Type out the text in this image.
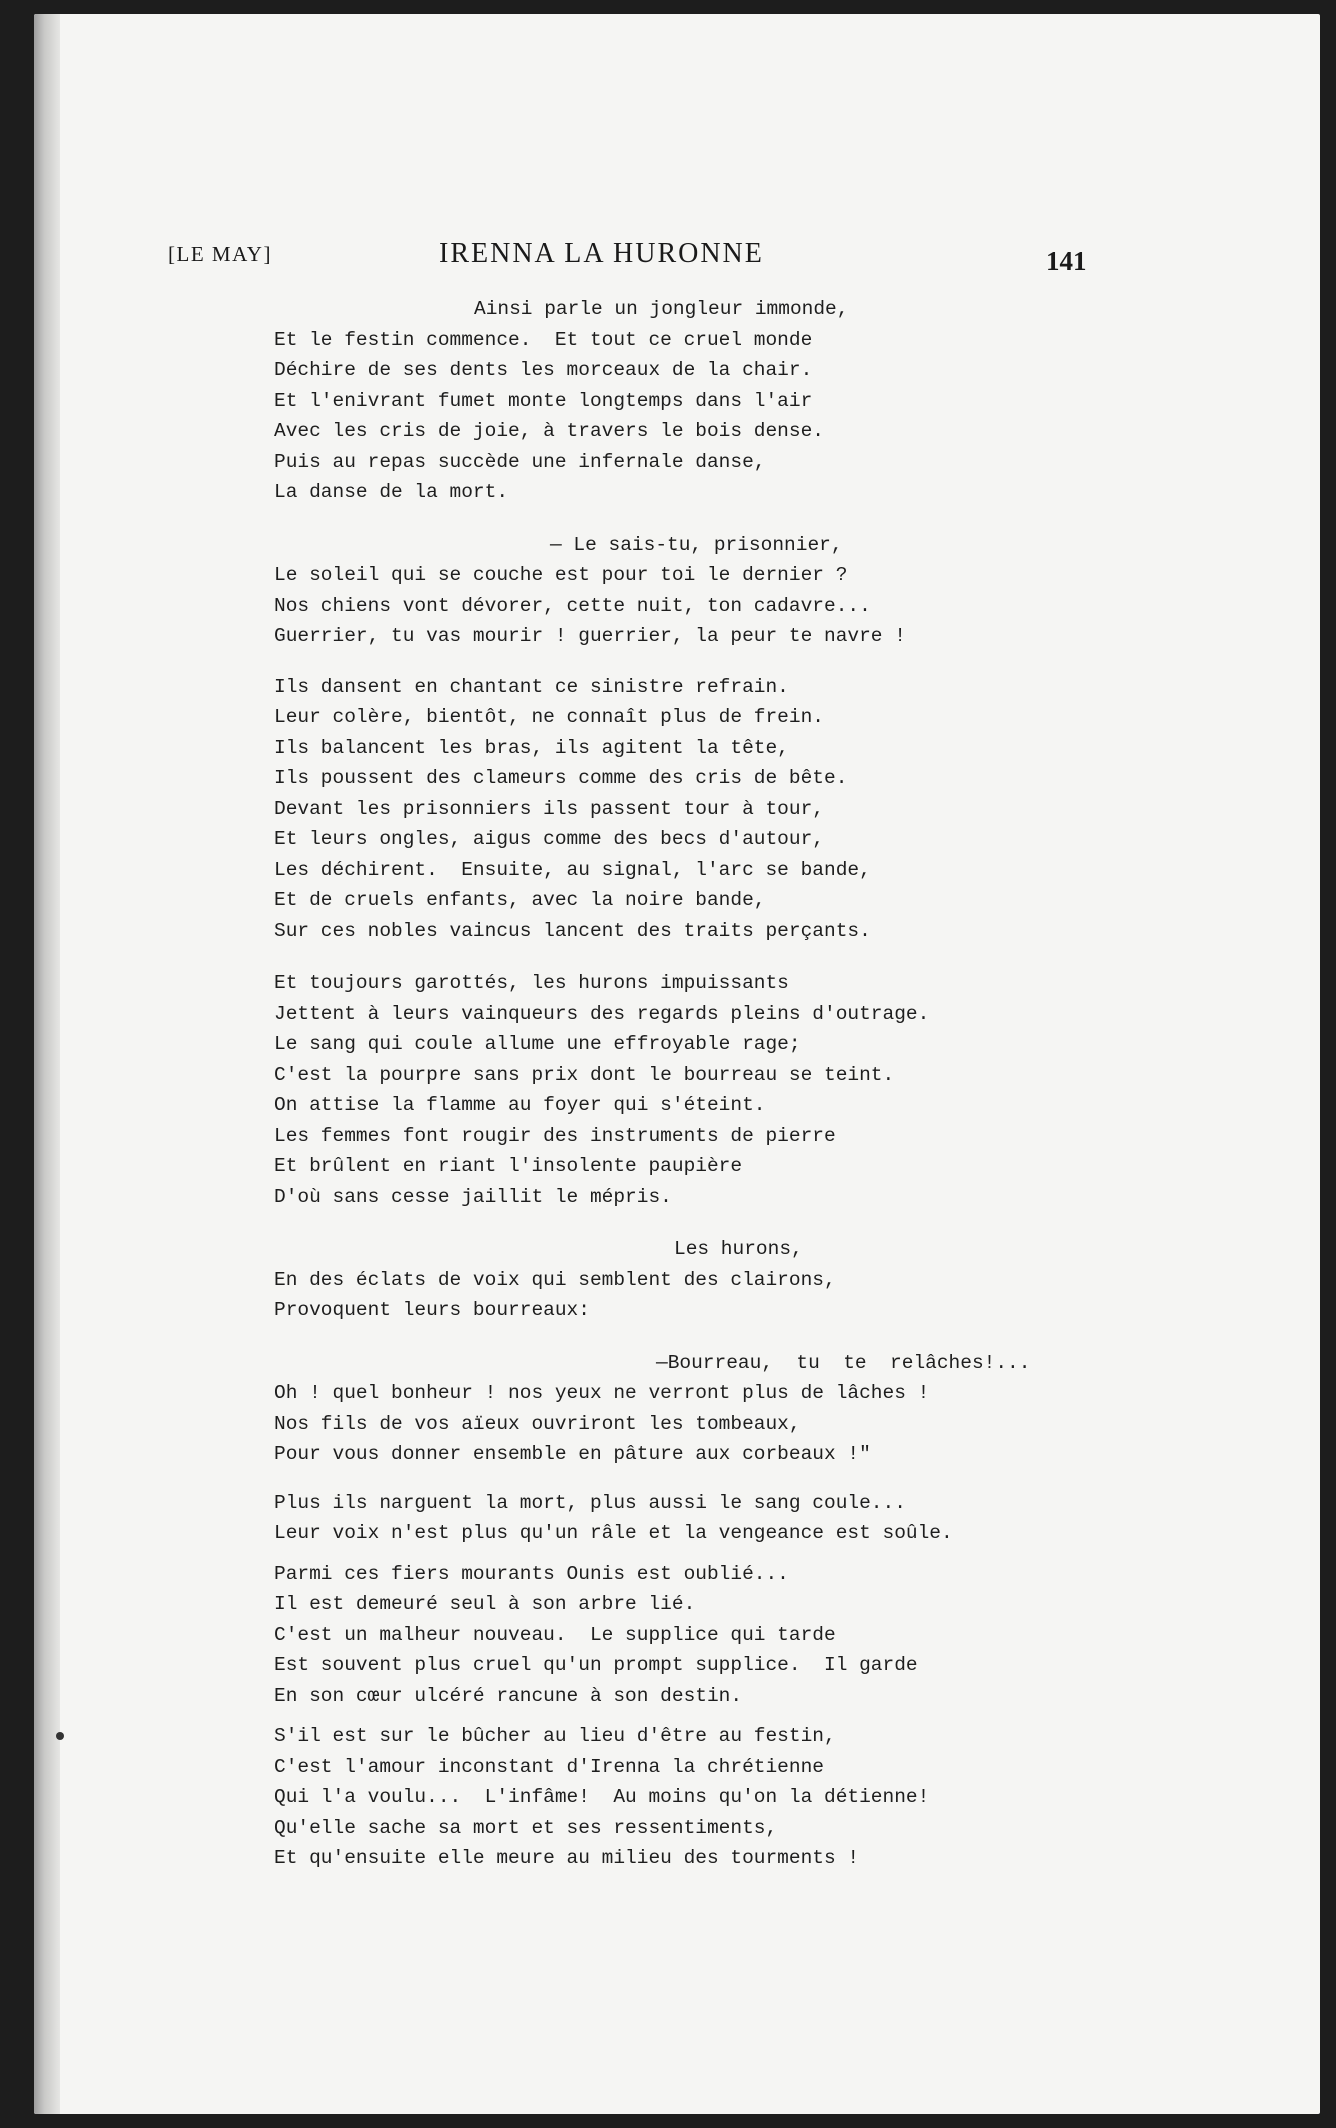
[LE MAY]	IRENNA LA HURONNE	141
Ainsi parle un jongleur immonde,
Et le festin commence.  Et tout ce cruel monde
Déchire de ses dents les morceaux de la chair.
Et l'enivrant fumet monte longtemps dans l'air
Avec les cris de joie, à travers le bois dense.
Puis au repas succède une infernale danse,
La danse de la mort.
— Le sais-tu, prisonnier,
Le soleil qui se couche est pour toi le dernier ?
Nos chiens vont dévorer, cette nuit, ton cadavre...
Guerrier, tu vas mourir ! guerrier, la peur te navre !
Ils dansent en chantant ce sinistre refrain.
Leur colère, bientôt, ne connaît plus de frein.
Ils balancent les bras, ils agitent la tête,
Ils poussent des clameurs comme des cris de bête.
Devant les prisonniers ils passent tour à tour,
Et leurs ongles, aigus comme des becs d'autour,
Les déchirent.  Ensuite, au signal, l'arc se bande,
Et de cruels enfants, avec la noire bande,
Sur ces nobles vaincus lancent des traits perçants.
Et toujours garottés, les hurons impuissants
Jettent à leurs vainqueurs des regards pleins d'outrage.
Le sang qui coule allume une effroyable rage;
C'est la pourpre sans prix dont le bourreau se teint.
On attise la flamme au foyer qui s'éteint.
Les femmes font rougir des instruments de pierre
Et brûlent en riant l'insolente paupière
D'où sans cesse jaillit le mépris.
Les hurons,
En des éclats de voix qui semblent des clairons,
Provoquent leurs bourreaux:
—Bourreau,  tu  te  relâches!...
Oh ! quel bonheur ! nos yeux ne verront plus de lâches !
Nos fils de vos aïeux ouvriront les tombeaux,
Pour vous donner ensemble en pâture aux corbeaux !"
Plus ils narguent la mort, plus aussi le sang coule...
Leur voix n'est plus qu'un râle et la vengeance est soûle.
Parmi ces fiers mourants Ounis est oublié...
Il est demeuré seul à son arbre lié.
C'est un malheur nouveau.  Le supplice qui tarde
Est souvent plus cruel qu'un prompt supplice.  Il garde
En son cœur ulcéré rancune à son destin.
S'il est sur le bûcher au lieu d'être au festin,
C'est l'amour inconstant d'Irenna la chrétienne
Qui l'a voulu...  L'infâme!  Au moins qu'on la détienne!
Qu'elle sache sa mort et ses ressentiments,
Et qu'ensuite elle meure au milieu des tourments !
